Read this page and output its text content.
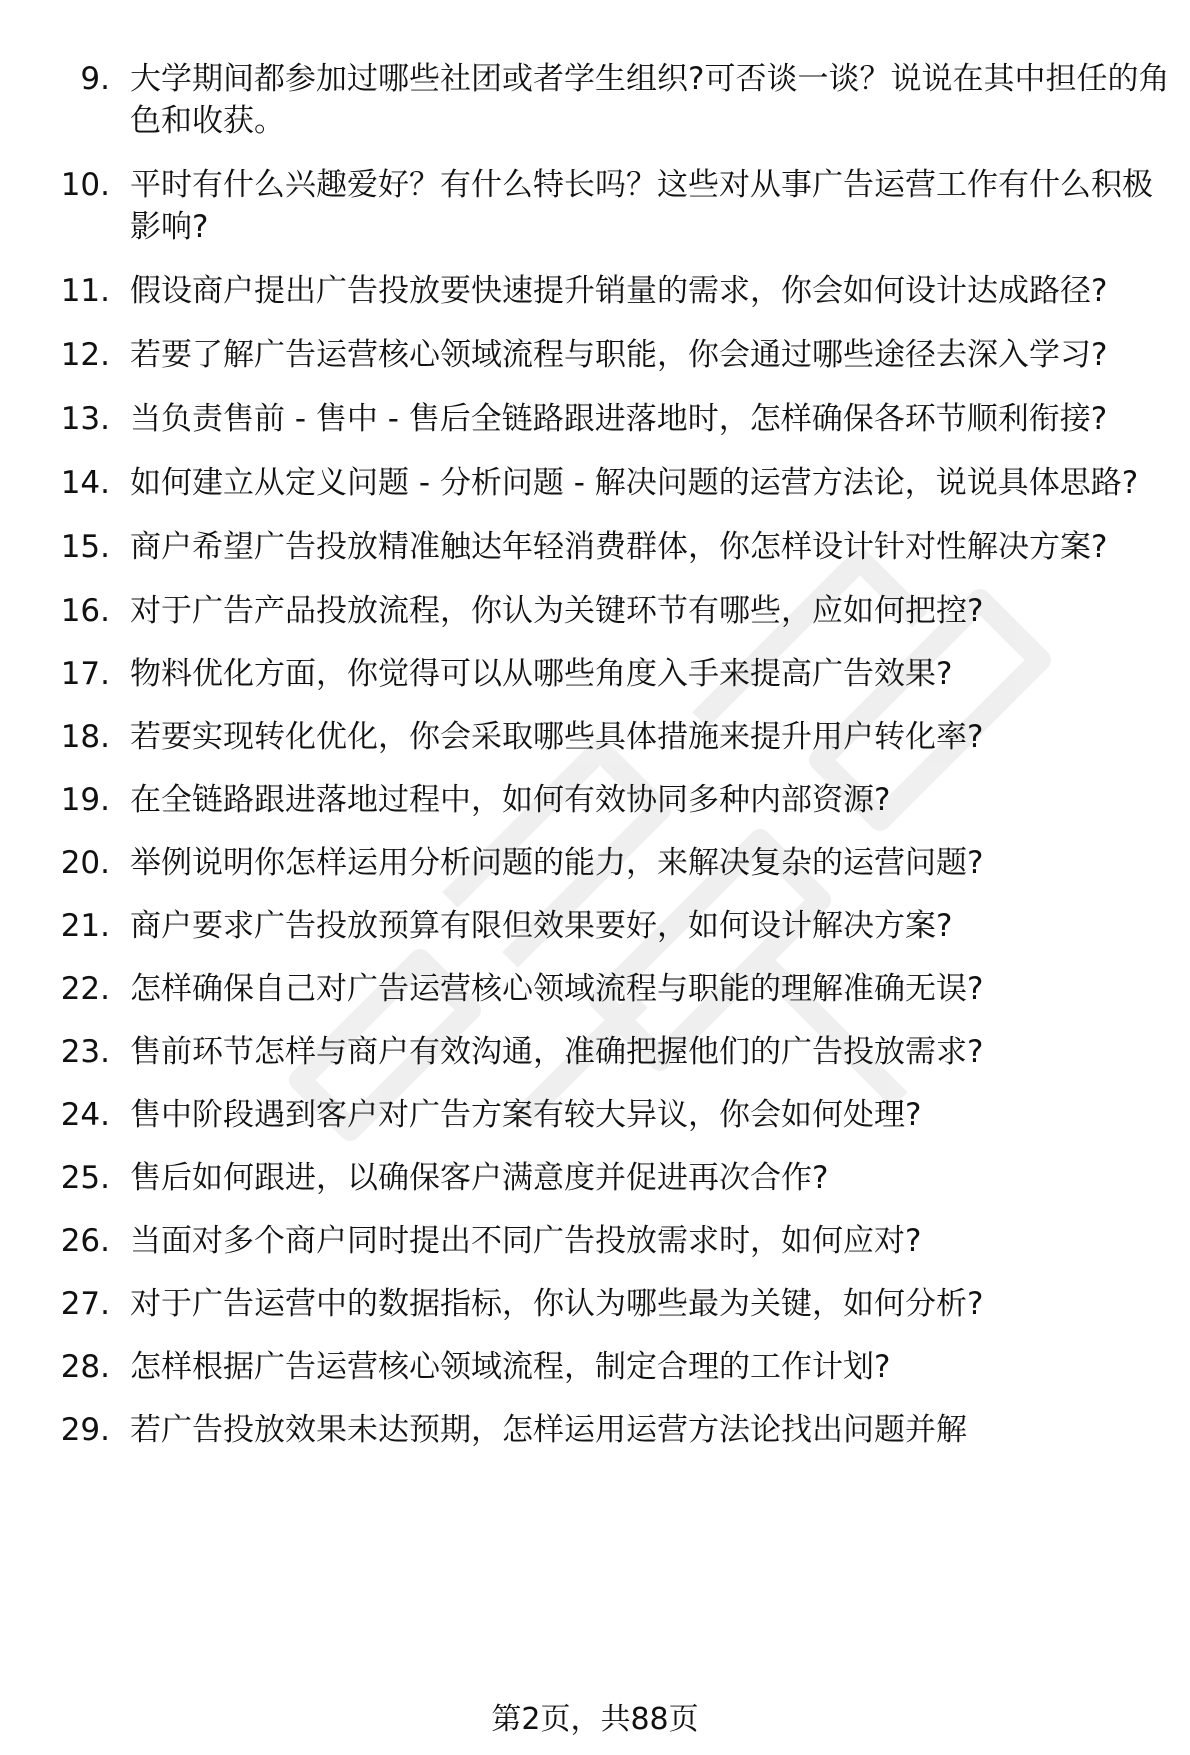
9. 大学期间都参加过哪些社团或者学生组织?可否谈一谈？说说在其中担任的角色和收获。
10. 平时有什么兴趣爱好？有什么特长吗？这些对从事广告运营工作有什么积极影响?
11. 假设商户提出广告投放要快速提升销量的需求，你会如何设计达成路径?
12. 若要了解广告运营核心领域流程与职能，你会通过哪些途径去深入学习?
13. 当负责售前 - 售中 - 售后全链路跟进落地时，怎样确保各环节顺利衔接?
14. 如何建立从定义问题 - 分析问题 - 解决问题的运营方法论，说说具体思路?
15. 商户希望广告投放精准触达年轻消费群体，你怎样设计针对性解决方案?
16. 对于广告产品投放流程，你认为关键环节有哪些，应如何把控?
17. 物料优化方面，你觉得可以从哪些角度入手来提高广告效果?
18. 若要实现转化优化，你会采取哪些具体措施来提升用户转化率?
19. 在全链路跟进落地过程中，如何有效协同多种内部资源?
20. 举例说明你怎样运用分析问题的能力，来解决复杂的运营问题?
21. 商户要求广告投放预算有限但效果要好，如何设计解决方案?
22. 怎样确保自己对广告运营核心领域流程与职能的理解准确无误?
23. 售前环节怎样与商户有效沟通，准确把握他们的广告投放需求?
24. 售中阶段遇到客户对广告方案有较大异议，你会如何处理?
25. 售后如何跟进，以确保客户满意度并促进再次合作?
26. 当面对多个商户同时提出不同广告投放需求时，如何应对?
27. 对于广告运营中的数据指标，你认为哪些最为关键，如何分析?
28. 怎样根据广告运营核心领域流程，制定合理的工作计划?
29. 若广告投放效果未达预期，怎样运用运营方法论找出问题并解
第2页，共88页
